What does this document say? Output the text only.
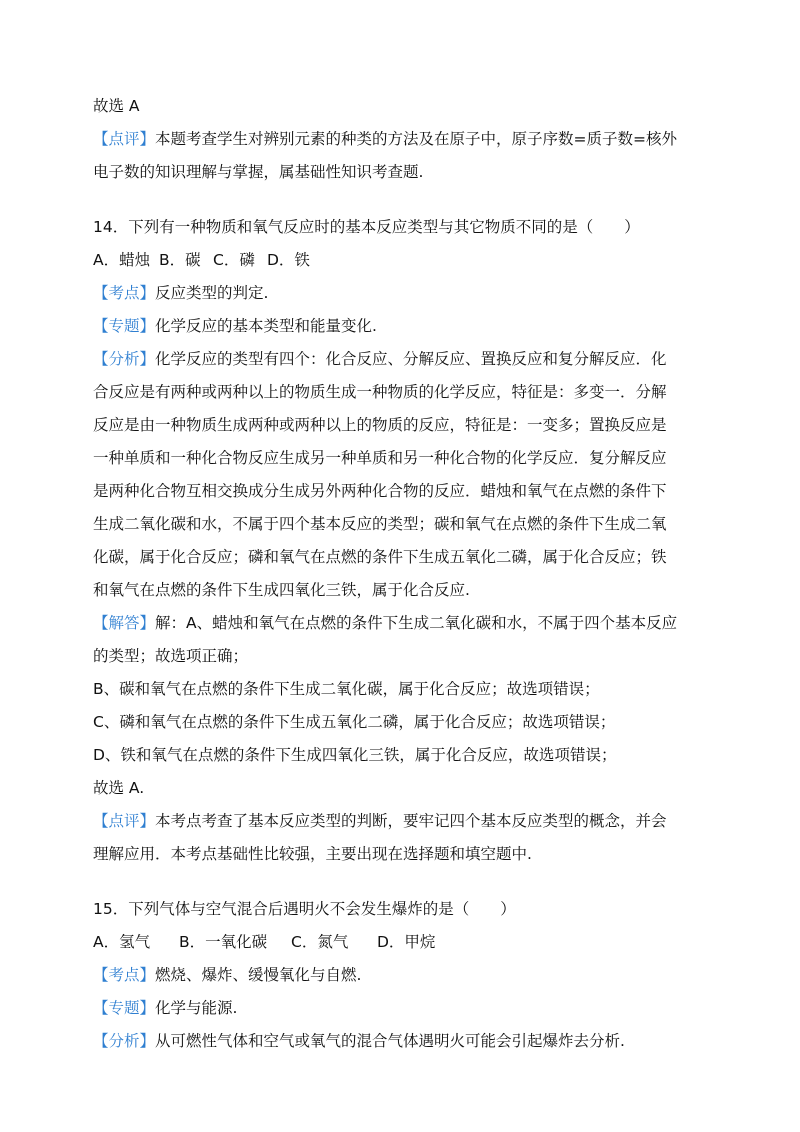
故选 A
【点评】本题考查学生对辨别元素的种类的方法及在原子中，原子序数=质子数=核外
电子数的知识理解与掌握，属基础性知识考查题.
14．下列有一种物质和氧气反应时的基本反应类型与其它物质不同的是（　　）
A．蜡烛 B．碳 C．磷 D．铁
【考点】反应类型的判定.
【专题】化学反应的基本类型和能量变化.
【分析】化学反应的类型有四个：化合反应、分解反应、置换反应和复分解反应．化
合反应是有两种或两种以上的物质生成一种物质的化学反应，特征是：多变一．分解
反应是由一种物质生成两种或两种以上的物质的反应，特征是：一变多；置换反应是
一种单质和一种化合物反应生成另一种单质和另一种化合物的化学反应．复分解反应
是两种化合物互相交换成分生成另外两种化合物的反应．蜡烛和氧气在点燃的条件下
生成二氧化碳和水，不属于四个基本反应的类型；碳和氧气在点燃的条件下生成二氧
化碳，属于化合反应；磷和氧气在点燃的条件下生成五氧化二磷，属于化合反应；铁
和氧气在点燃的条件下生成四氧化三铁，属于化合反应.
【解答】解：A、蜡烛和氧气在点燃的条件下生成二氧化碳和水，不属于四个基本反应
的类型；故选项正确；
B、碳和氧气在点燃的条件下生成二氧化碳，属于化合反应；故选项错误；
C、磷和氧气在点燃的条件下生成五氧化二磷，属于化合反应；故选项错误；
D、铁和氧气在点燃的条件下生成四氧化三铁，属于化合反应，故选项错误；
故选 A.
【点评】本考点考查了基本反应类型的判断，要牢记四个基本反应类型的概念，并会
理解应用．本考点基础性比较强，主要出现在选择题和填空题中.
15．下列气体与空气混合后遇明火不会发生爆炸的是（　　）
A．氢气 B．一氧化碳 C．氮气 D．甲烷
【考点】燃烧、爆炸、缓慢氧化与自燃.
【专题】化学与能源.
【分析】从可燃性气体和空气或氧气的混合气体遇明火可能会引起爆炸去分析.
